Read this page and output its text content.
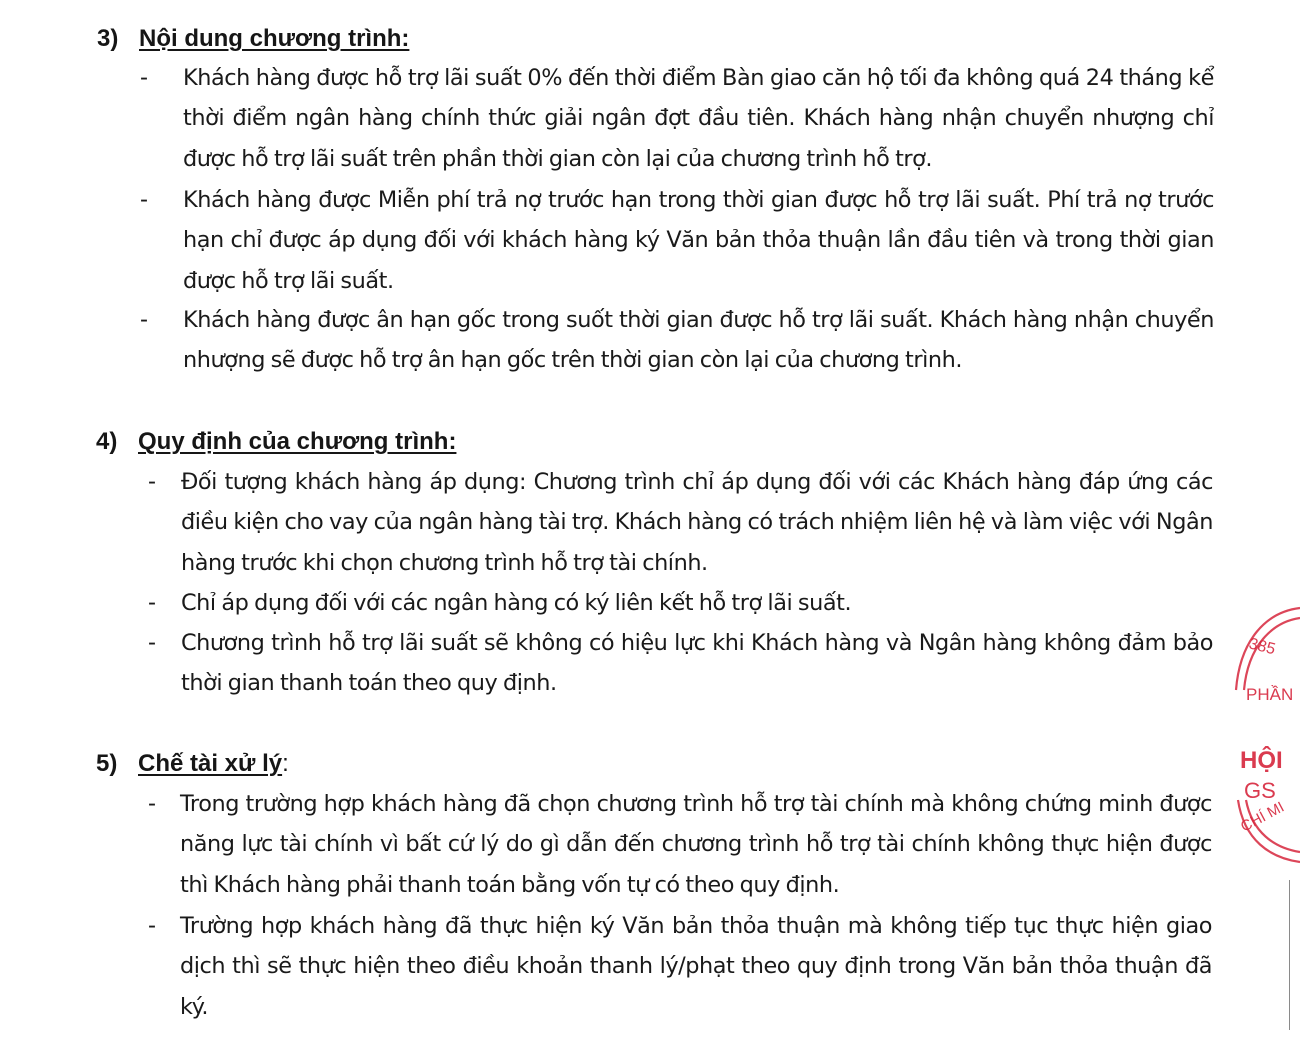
3) Nội dung chương trình:
- Khách hàng được hỗ trợ lãi suất 0% đến thời điểm Bàn giao căn hộ tối đa không quá 24 tháng kể thời điểm ngân hàng chính thức giải ngân đợt đầu tiên. Khách hàng nhận chuyển nhượng chỉ được hỗ trợ lãi suất trên phần thời gian còn lại của chương trình hỗ trợ.
- Khách hàng được Miễn phí trả nợ trước hạn trong thời gian được hỗ trợ lãi suất. Phí trả nợ trước hạn chỉ được áp dụng đối với khách hàng ký Văn bản thỏa thuận lần đầu tiên và trong thời gian được hỗ trợ lãi suất.
- Khách hàng được ân hạn gốc trong suốt thời gian được hỗ trợ lãi suất. Khách hàng nhận chuyển nhượng sẽ được hỗ trợ ân hạn gốc trên thời gian còn lại của chương trình.
4) Quy định của chương trình:
- Đối tượng khách hàng áp dụng: Chương trình chỉ áp dụng đối với các Khách hàng đáp ứng các điều kiện cho vay của ngân hàng tài trợ. Khách hàng có trách nhiệm liên hệ và làm việc với Ngân hàng trước khi chọn chương trình hỗ trợ tài chính.
- Chỉ áp dụng đối với các ngân hàng có ký liên kết hỗ trợ lãi suất.
- Chương trình hỗ trợ lãi suất sẽ không có hiệu lực khi Khách hàng và Ngân hàng không đảm bảo thời gian thanh toán theo quy định.
5) Chế tài xử lý:
- Trong trường hợp khách hàng đã chọn chương trình hỗ trợ tài chính mà không chứng minh được năng lực tài chính vì bất cứ lý do gì dẫn đến chương trình hỗ trợ tài chính không thực hiện được thì Khách hàng phải thanh toán bằng vốn tự có theo quy định.
- Trường hợp khách hàng đã thực hiện ký Văn bản thỏa thuận mà không tiếp tục thực hiện giao dịch thì sẽ thực hiện theo điều khoản thanh lý/phạt theo quy định trong Văn bản thỏa thuận đã ký.
385
PHẦN
HỘI
GS
CHÍ MI
